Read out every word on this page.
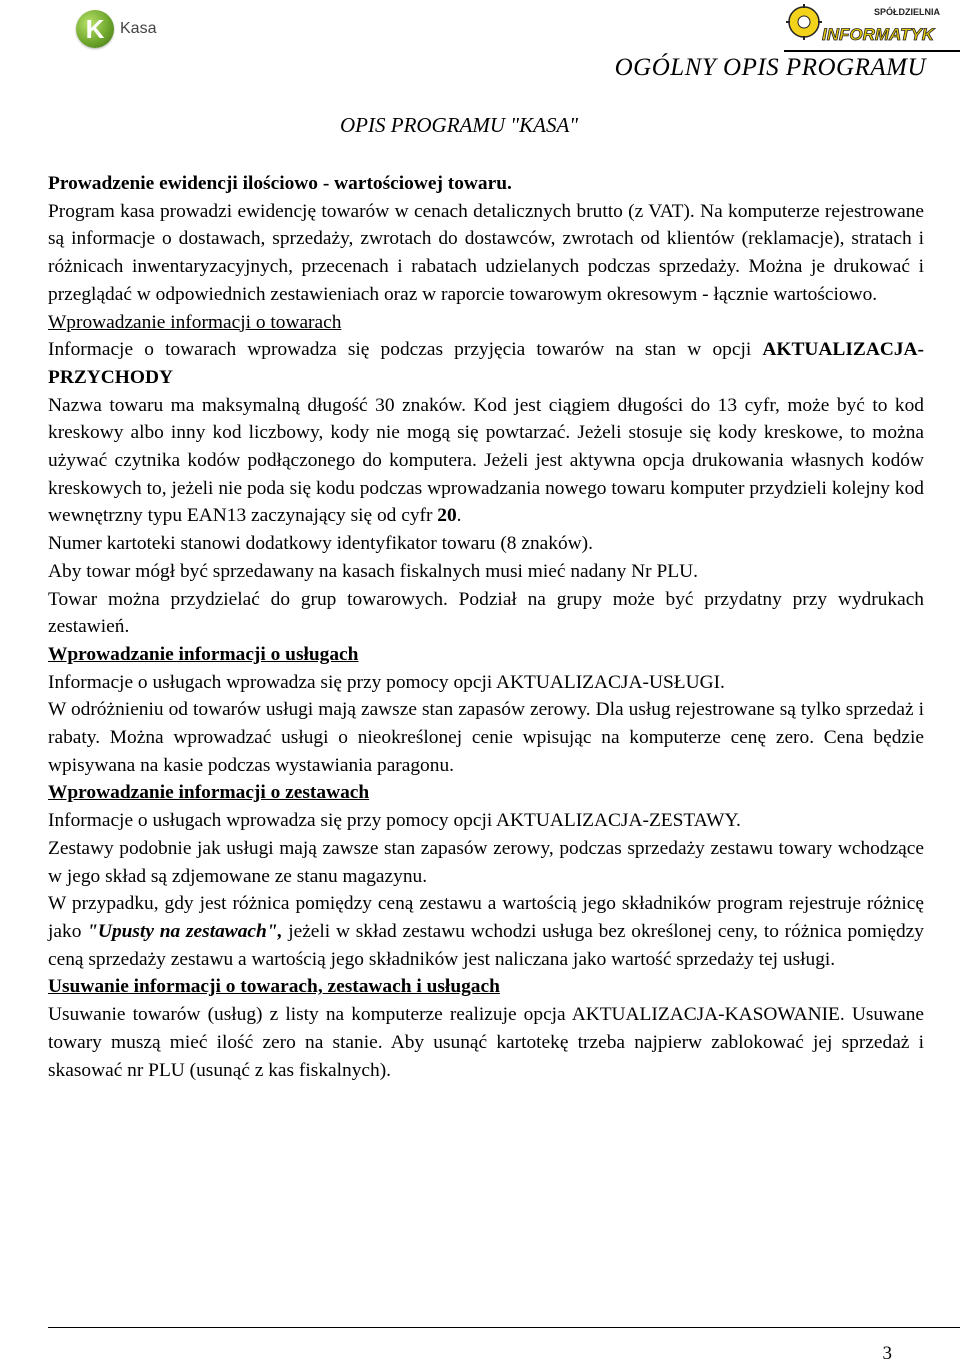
K Kasa
SPÓŁDZIELNIA
INFORMATYK
OGÓLNY OPIS PROGRAMU
OPIS PROGRAMU "KASA"

Prowadzenie ewidencji ilościowo - wartościowej towaru.

Program kasa prowadzi ewidencję towarów w cenach detalicznych brutto (z VAT). Na komputerze rejestrowane są informacje o dostawach, sprzedaży, zwrotach do dostawców, zwrotach od klientów (reklamacje), stratach i różnicach inwentaryzacyjnych, przecenach i rabatach udzielanych podczas sprzedaży. Można je drukować i przeglądać w odpowiednich zestawieniach oraz w raporcie towarowym okresowym - łącznie wartościowo.

Wprowadzanie informacji o towarach

Informacje o towarach wprowadza się podczas przyjęcia towarów na stan w opcji AKTUALIZACJA-PRZYCHODY

Nazwa towaru ma maksymalną długość 30 znaków. Kod jest ciągiem długości do 13 cyfr, może być to kod kreskowy albo inny kod liczbowy, kody nie mogą się powtarzać. Jeżeli stosuje się kody kreskowe, to można używać czytnika kodów podłączonego do komputera. Jeżeli jest aktywna opcja drukowania własnych kodów kreskowych to, jeżeli nie poda się kodu podczas wprowadzania nowego towaru komputer przydzieli kolejny kod wewnętrzny typu EAN13 zaczynający się od cyfr 20.

Numer kartoteki stanowi dodatkowy identyfikator towaru (8 znaków).

Aby towar mógł być sprzedawany na kasach fiskalnych musi mieć nadany Nr PLU.

Towar można przydzielać do grup towarowych. Podział na grupy może być przydatny przy wydrukach zestawień.

Wprowadzanie informacji o usługach

Informacje o usługach wprowadza się przy pomocy opcji AKTUALIZACJA-USŁUGI.

W odróżnieniu od towarów usługi mają zawsze stan zapasów zerowy. Dla usług rejestrowane są tylko sprzedaż i rabaty. Można wprowadzać usługi o nieokreślonej cenie wpisując na komputerze cenę zero. Cena będzie wpisywana na kasie podczas wystawiania paragonu.

Wprowadzanie informacji o zestawach

Informacje o usługach wprowadza się przy pomocy opcji AKTUALIZACJA-ZESTAWY.

Zestawy podobnie jak usługi mają zawsze stan zapasów zerowy, podczas sprzedaży zestawu towary wchodzące w jego skład są zdjemowane ze stanu magazynu.

W przypadku, gdy jest różnica pomiędzy ceną zestawu a wartością jego składników program rejestruje różnicę jako "Upusty na zestawach", jeżeli w skład zestawu wchodzi usługa bez określonej ceny, to różnica pomiędzy ceną sprzedaży zestawu a wartością jego składników jest naliczana jako wartość sprzedaży tej usługi.

Usuwanie informacji o towarach, zestawach i usługach

Usuwanie towarów (usług) z listy na komputerze realizuje opcja AKTUALIZACJA-KASOWANIE. Usuwane towary muszą mieć ilość zero na stanie. Aby usunąć kartotekę trzeba najpierw zablokować jej sprzedaż i skasować nr PLU (usunąć z kas fiskalnych).

3
